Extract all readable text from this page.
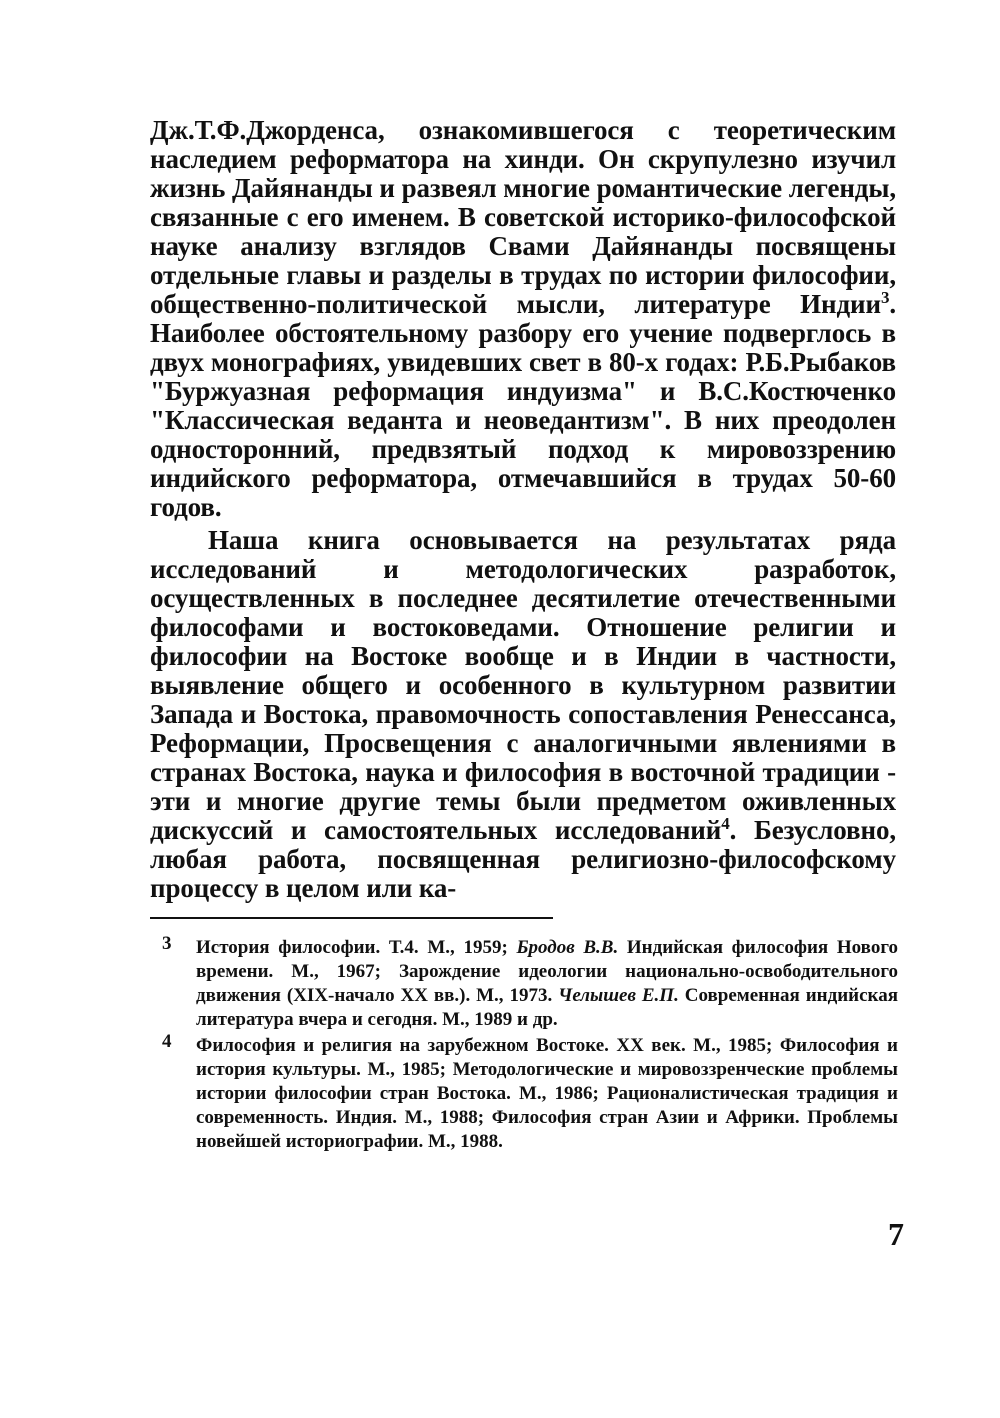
Дж.Т.Ф.Джорденса, ознакомившегося с теоретическим наследием реформатора на хинди. Он скрупулезно изучил жизнь Дайянанды и развеял многие романтические легенды, связанные с его именем. В советской историко-философской науке анализу взглядов Свами Дайянанды посвящены отдельные главы и разделы в трудах по истории философии, общественно-политической мысли, литературе Индии$^3$. Наиболее обстоятельному разбору его учение подверглось в двух монографиях, увидевших свет в 80-х годах: Р.Б.Рыбаков "Буржуазная реформация индуизма" и В.С.Костюченко "Классическая веданта и неоведантизм". В них преодолен односторонний, предвзятый подход к мировоззрению индийского реформатора, отмечавшийся в трудах 50-60 годов.

Наша книга основывается на результатах ряда исследований и методологических разработок, осуществленных в последнее десятилетие отечественными философами и востоковедами. Отношение религии и философии на Востоке вообще и в Индии в частности, выявление общего и особенного в культурном развитии Запада и Востока, правомочность сопоставления Ренессанса, Реформации, Просвещения с аналогичными явлениями в странах Востока, наука и философия в восточной традиции - эти и многие другие темы были предметом оживленных дискуссий и самостоятельных исследований$^4$. Безусловно, любая работа, посвященная религиозно-философскому процессу в целом или ка-

3 История философии. Т.4. М., 1959; Бродов В.В. Индийская философия Нового времени. М., 1967; Зарождение идеологии национально-освободительного движения (XIX-начало XX вв.). М., 1973. Челышев Е.П. Современная индийская литература вчера и сегодня. М., 1989 и др.

4 Философия и религия на зарубежном Востоке. XX век. М., 1985; Философия и история культуры. М., 1985; Методологические и мировоззренческие проблемы истории философии стран Востока. М., 1986; Рационалистическая традиция и современность. Индия. М., 1988; Философия стран Азии и Африки. Проблемы новейшей историографии. М., 1988.

7
